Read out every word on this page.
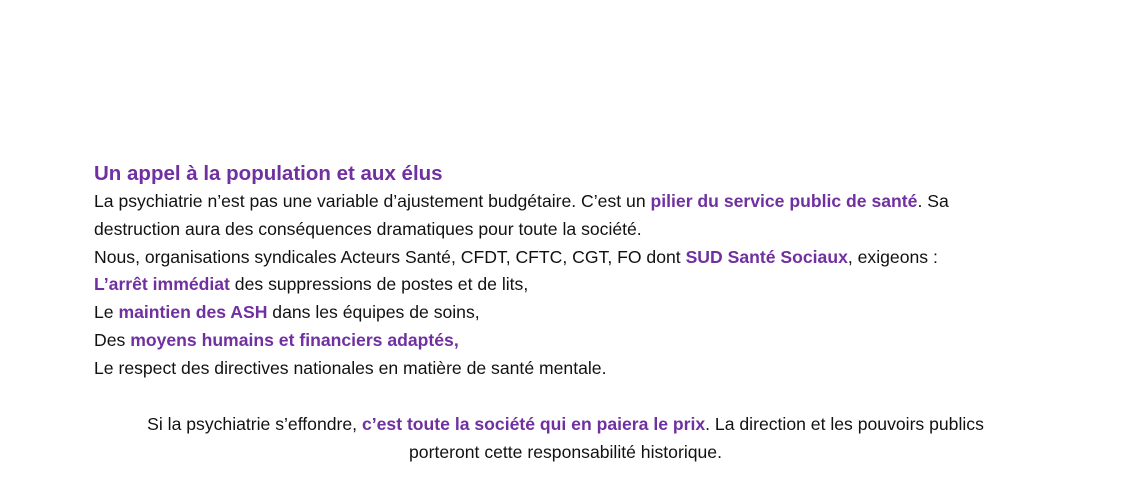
Un appel à la population et aux élus

La psychiatrie n’est pas une variable d’ajustement budgétaire. C’est un pilier du service public de santé. Sa

destruction aura des conséquences dramatiques pour toute la société.

Nous, organisations syndicales Acteurs Santé, CFDT, CFTC, CGT, FO dont SUD Santé Sociaux, exigeons :

L’arrêt immédiat des suppressions de postes et de lits,

Le maintien des ASH dans les équipes de soins,

Des moyens humains et financiers adaptés,

Le respect des directives nationales en matière de santé mentale.

Si la psychiatrie s’effondre, c’est toute la société qui en paiera le prix. La direction et les pouvoirs publics

porteront cette responsabilité historique.
